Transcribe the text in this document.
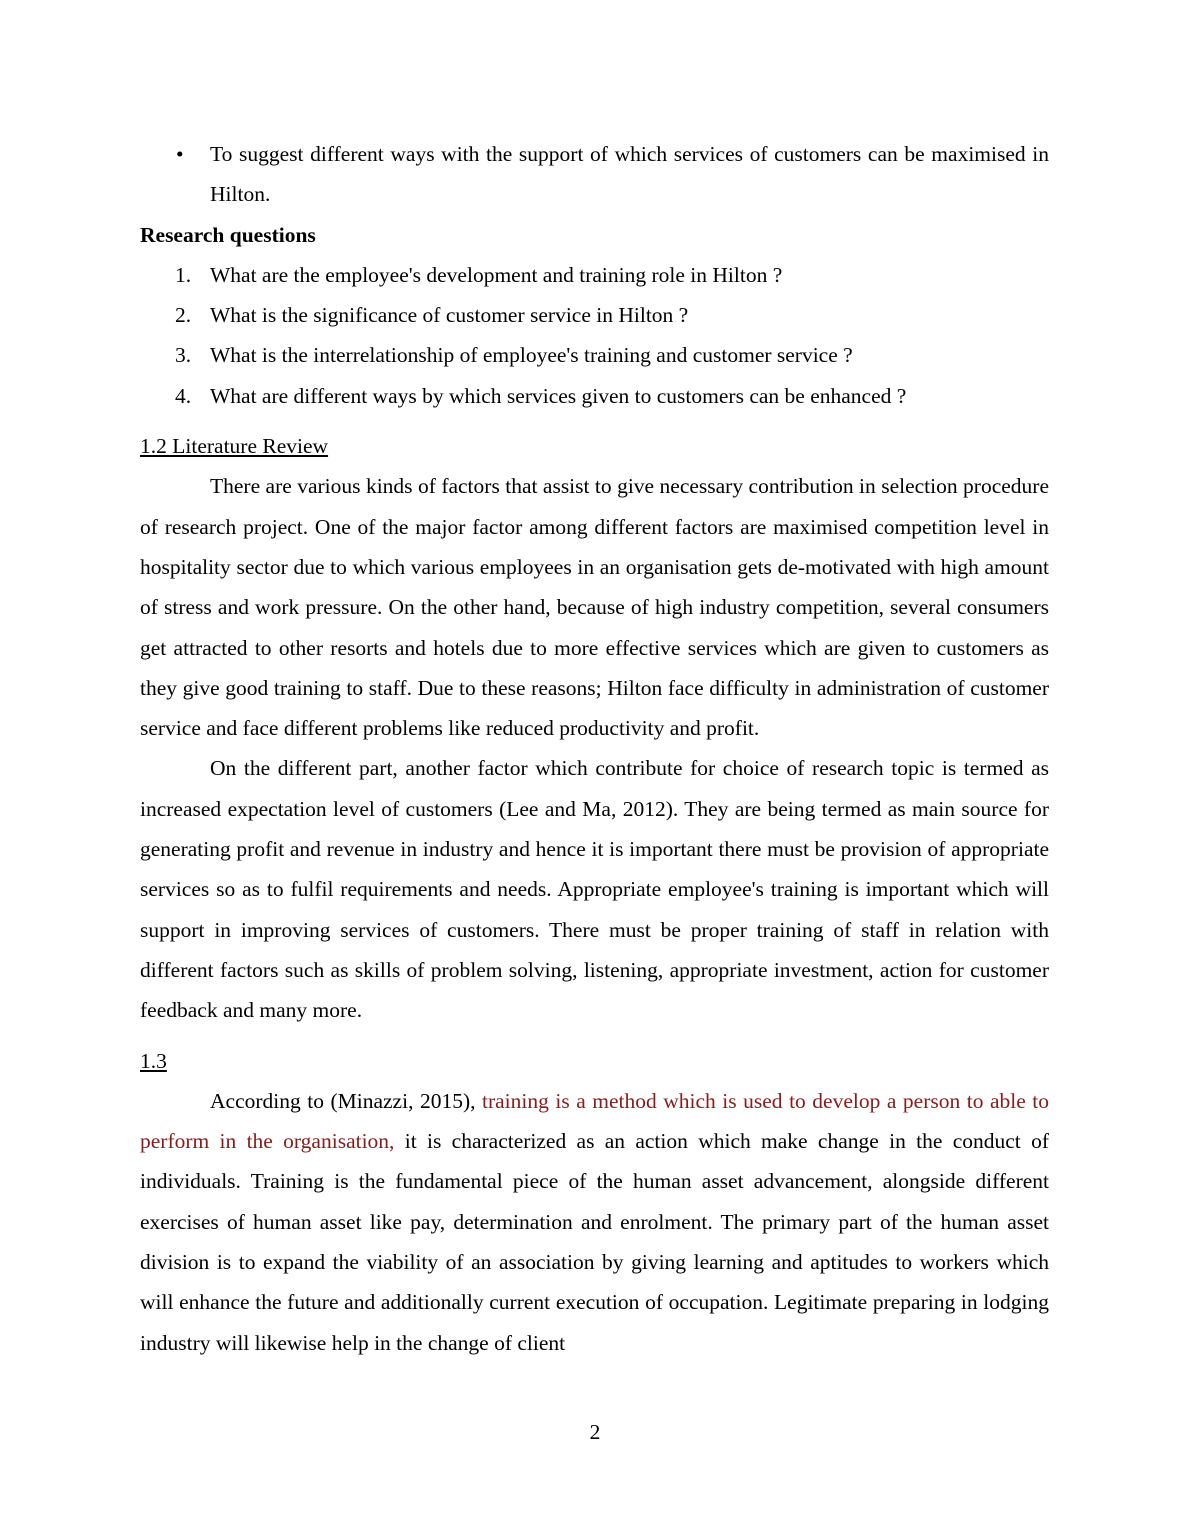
• To suggest different ways with the support of which services of customers can be maximised in Hilton.

Research questions

1. What are the employee's development and training role in Hilton ?

2. What is the significance of customer service in Hilton ?

3. What is the interrelationship of employee's training and customer service ?

4. What are different ways by which services given to customers can be enhanced ?

1.2 Literature Review

There are various kinds of factors that assist to give necessary contribution in selection procedure of research project. One of the major factor among different factors are maximised competition level in hospitality sector due to which various employees in an organisation gets de-motivated with high amount of stress and work pressure. On the other hand, because of high industry competition, several consumers get attracted to other resorts and hotels due to more effective services which are given to customers as they give good training to staff. Due to these reasons; Hilton face difficulty in administration of customer service and face different problems like reduced productivity and profit.

On the different part, another factor which contribute for choice of research topic is termed as increased expectation level of customers (Lee and Ma, 2012). They are being termed as main source for generating profit and revenue in industry and hence it is important there must be provision of appropriate services so as to fulfil requirements and needs. Appropriate employee's training is important which will support in improving services of customers. There must be proper training of staff in relation with different factors such as skills of problem solving, listening, appropriate investment, action for customer feedback and many more.

1.3

According to (Minazzi, 2015), training is a method which is used to develop a person to able to perform in the organisation, it is characterized as an action which make change in the conduct of individuals. Training is the fundamental piece of the human asset advancement, alongside different exercises of human asset like pay, determination and enrolment. The primary part of the human asset division is to expand the viability of an association by giving learning and aptitudes to workers which will enhance the future and additionally current execution of occupation. Legitimate preparing in lodging industry will likewise help in the change of client

2
